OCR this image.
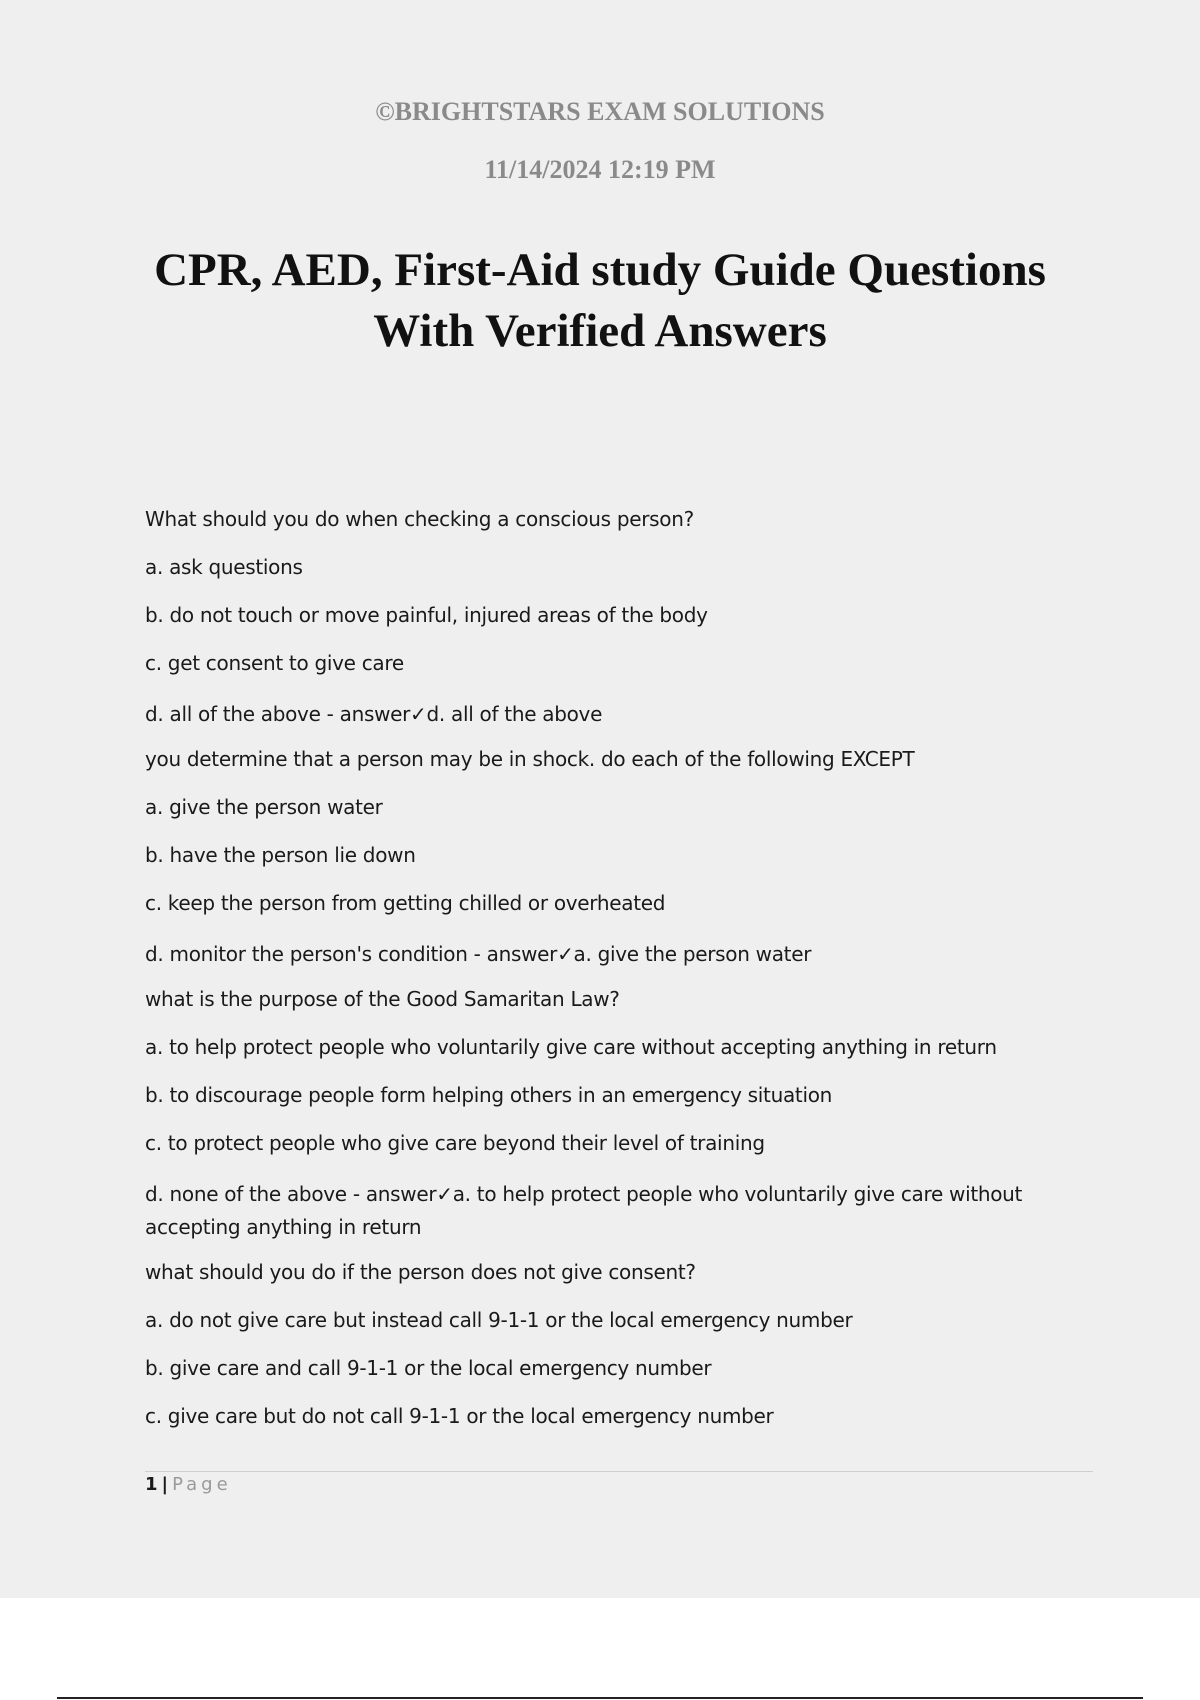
©BRIGHTSTARS EXAM SOLUTIONS

11/14/2024 12:19 PM

CPR, AED, First-Aid study Guide Questions
With Verified Answers

What should you do when checking a conscious person?

a. ask questions

b. do not touch or move painful, injured areas of the body

c. get consent to give care

d. all of the above - answer✓d. all of the above

you determine that a person may be in shock. do each of the following EXCEPT

a. give the person water

b. have the person lie down

c. keep the person from getting chilled or overheated

d. monitor the person's condition - answer✓a. give the person water

what is the purpose of the Good Samaritan Law?

a. to help protect people who voluntarily give care without accepting anything in return

b. to discourage people form helping others in an emergency situation

c. to protect people who give care beyond their level of training

d. none of the above - answer✓a. to help protect people who voluntarily give care without accepting anything in return

what should you do if the person does not give consent?

a. do not give care but instead call 9-1-1 or the local emergency number

b. give care and call 9-1-1 or the local emergency number

c. give care but do not call 9-1-1 or the local emergency number

1 | Page
